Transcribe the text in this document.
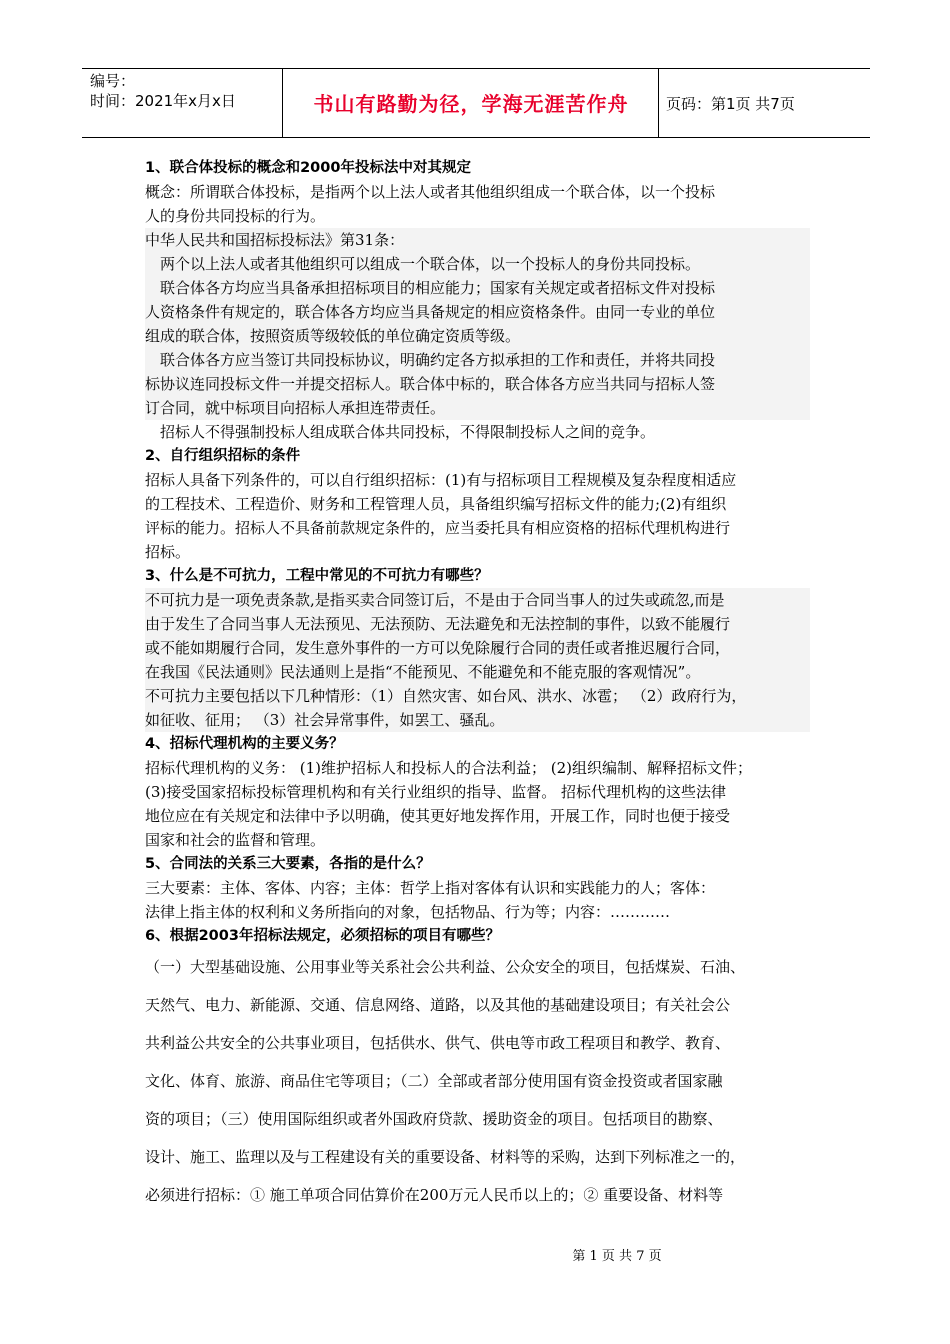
编号：
时间：2021年x月x日	书山有路勤为径，学海无涯苦作舟	页码：第1页 共7页
1、联合体投标的概念和2000年投标法中对其规定
概念：所谓联合体投标，是指两个以上法人或者其他组织组成一个联合体，以一个投标
人的身份共同投标的行为。
中华人民共和国招标投标法》第31条：
两个以上法人或者其他组织可以组成一个联合体，以一个投标人的身份共同投标。
联合体各方均应当具备承担招标项目的相应能力；国家有关规定或者招标文件对投标
人资格条件有规定的，联合体各方均应当具备规定的相应资格条件。由同一专业的单位
组成的联合体，按照资质等级较低的单位确定资质等级。
联合体各方应当签订共同投标协议，明确约定各方拟承担的工作和责任，并将共同投
标协议连同投标文件一并提交招标人。联合体中标的，联合体各方应当共同与招标人签
订合同，就中标项目向招标人承担连带责任。
招标人不得强制投标人组成联合体共同投标，不得限制投标人之间的竞争。
2、自行组织招标的条件
招标人具备下列条件的，可以自行组织招标：(1)有与招标项目工程规模及复杂程度相适应
的工程技术、工程造价、财务和工程管理人员，具备组织编写招标文件的能力;(2)有组织
评标的能力。招标人不具备前款规定条件的，应当委托具有相应资格的招标代理机构进行
招标。
3、什么是不可抗力，工程中常见的不可抗力有哪些？
不可抗力是一项免责条款,是指买卖合同签订后，不是由于合同当事人的过失或疏忽,而是
由于发生了合同当事人无法预见、无法预防、无法避免和无法控制的事件，以致不能履行
或不能如期履行合同，发生意外事件的一方可以免除履行合同的责任或者推迟履行合同，
在我国《民法通则》民法通则上是指“不能预见、不能避免和不能克服的客观情况”。
不可抗力主要包括以下几种情形：（1）自然灾害、如台风、洪水、冰雹； （2）政府行为，
如征收、征用； （3）社会异常事件，如罢工、骚乱。
4、招标代理机构的主要义务？
招标代理机构的义务： (1)维护招标人和投标人的合法利益； (2)组织编制、解释招标文件；
(3)接受国家招标投标管理机构和有关行业组织的指导、监督。 招标代理机构的这些法律
地位应在有关规定和法律中予以明确，使其更好地发挥作用，开展工作，同时也便于接受
国家和社会的监督和管理。
5、合同法的关系三大要素，各指的是什么？
三大要素：主体、客体、内容；主体：哲学上指对客体有认识和实践能力的人；客体：
法律上指主体的权利和义务所指向的对象，包括物品、行为等；内容：…………
6、根据2003年招标法规定，必须招标的项目有哪些？
（一）大型基础设施、公用事业等关系社会公共利益、公众安全的项目，包括煤炭、石油、
天然气、电力、新能源、交通、信息网络、道路，以及其他的基础建设项目；有关社会公
共利益公共安全的公共事业项目，包括供水、供气、供电等市政工程项目和教学、教育、
文化、体育、旅游、商品住宅等项目；（二）全部或者部分使用国有资金投资或者国家融
资的项目；（三）使用国际组织或者外国政府贷款、援助资金的项目。包括项目的勘察、
设计、施工、监理以及与工程建设有关的重要设备、材料等的采购，达到下列标准之一的，
必须进行招标：① 施工单项合同估算价在200万元人民币以上的；② 重要设备、材料等
第 1 页 共 7 页
